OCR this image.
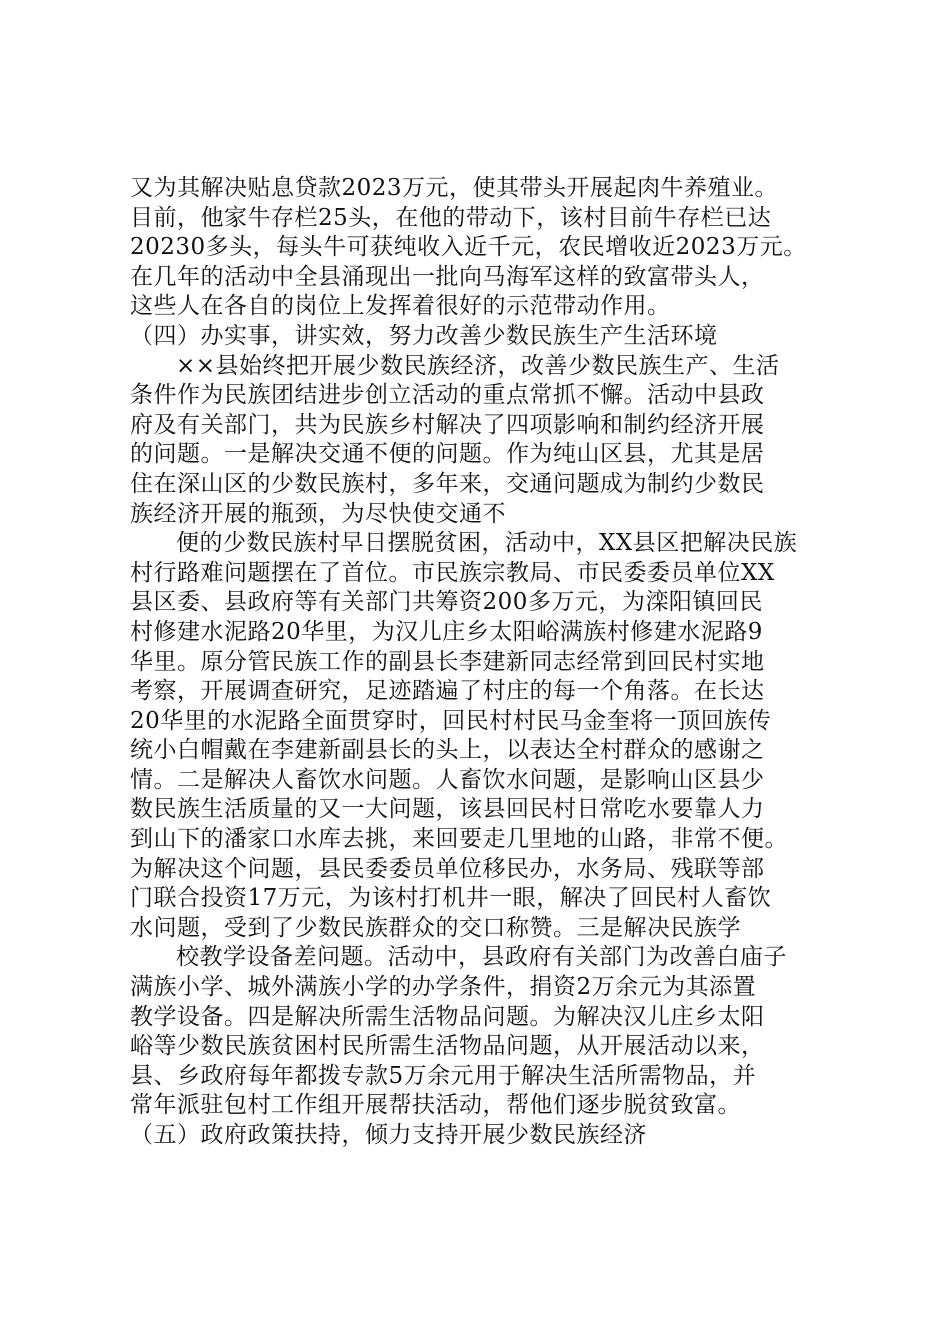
又为其解决贴息贷款2023万元，使其带头开展起肉牛养殖业。
目前，他家牛存栏25头，在他的带动下，该村目前牛存栏已达
20230多头，每头牛可获纯收入近千元，农民增收近2023万元。
在几年的活动中全县涌现出一批向马海军这样的致富带头人，
这些人在各自的岗位上发挥着很好的示范带动作用。

（四）办实事，讲实效，努力改善少数民族生产生活环境

××县始终把开展少数民族经济，改善少数民族生产、生活
条件作为民族团结进步创立活动的重点常抓不懈。活动中县政
府及有关部门，共为民族乡村解决了四项影响和制约经济开展
的问题。一是解决交通不便的问题。作为纯山区县，尤其是居
住在深山区的少数民族村，多年来，交通问题成为制约少数民
族经济开展的瓶颈，为尽快使交通不

便的少数民族村早日摆脱贫困，活动中，XX县区把解决民族
村行路难问题摆在了首位。市民族宗教局、市民委委员单位XX
县区委、县政府等有关部门共筹资200多万元，为滦阳镇回民
村修建水泥路20华里，为汉儿庄乡太阳峪满族村修建水泥路9
华里。原分管民族工作的副县长李建新同志经常到回民村实地
考察，开展调查研究，足迹踏遍了村庄的每一个角落。在长达
20华里的水泥路全面贯穿时，回民村村民马金奎将一顶回族传
统小白帽戴在李建新副县长的头上，以表达全村群众的感谢之
情。二是解决人畜饮水问题。人畜饮水问题，是影响山区县少
数民族生活质量的又一大问题，该县回民村日常吃水要靠人力
到山下的潘家口水库去挑，来回要走几里地的山路，非常不便。
为解决这个问题，县民委委员单位移民办，水务局、残联等部
门联合投资17万元，为该村打机井一眼，解决了回民村人畜饮
水问题，受到了少数民族群众的交口称赞。三是解决民族学

校教学设备差问题。活动中，县政府有关部门为改善白庙子
满族小学、城外满族小学的办学条件，捐资2万余元为其添置
教学设备。四是解决所需生活物品问题。为解决汉儿庄乡太阳
峪等少数民族贫困村民所需生活物品问题，从开展活动以来，
县、乡政府每年都拨专款5万余元用于解决生活所需物品，并
常年派驻包村工作组开展帮扶活动，帮他们逐步脱贫致富。

（五）政府政策扶持，倾力支持开展少数民族经济
